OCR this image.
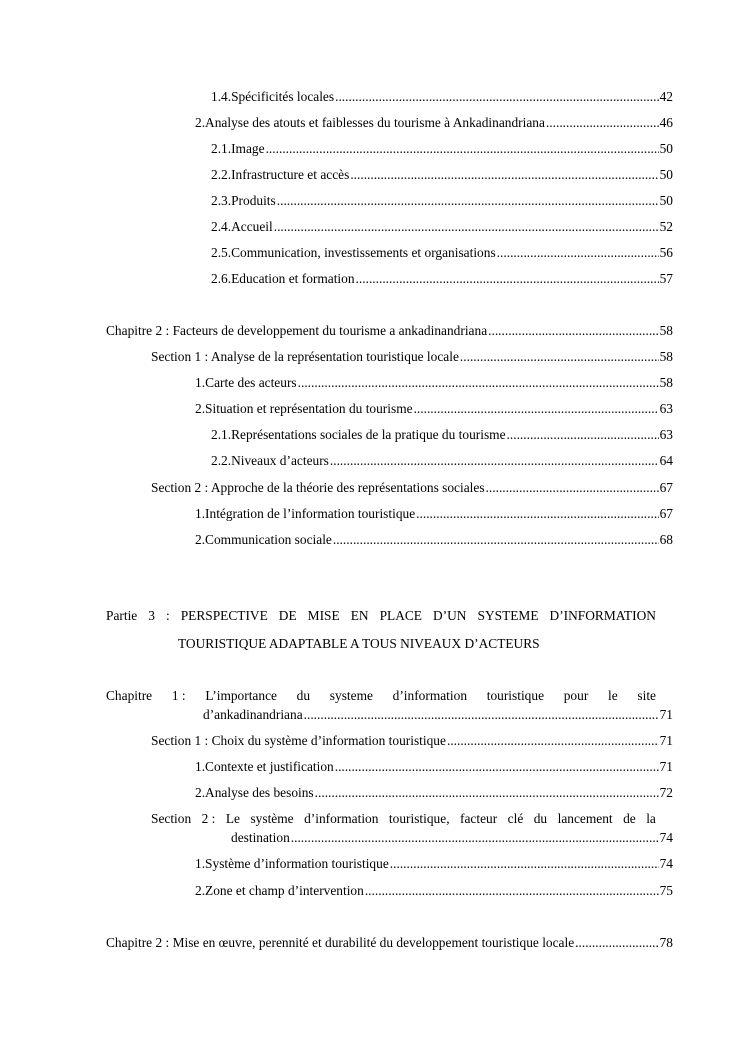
1.4. Spécificités locales .....	42
2. Analyse des atouts et faiblesses du tourisme à Ankadinandriana .....	46
2.1. Image .....	50
2.2. Infrastructure et accès .....	50
2.3. Produits .....	50
2.4. Accueil .....	52
2.5. Communication, investissements et organisations .....	56
2.6. Education et formation .....	57
Chapitre 2 : Facteurs de developpement du tourisme a ankadinandriana .....	58
Section 1 : Analyse de la représentation touristique locale .....	58
1. Carte des acteurs .....	58
2. Situation et représentation du tourisme .....	63
2.1. Représentations sociales de la pratique du tourisme .....	63
2.2. Niveaux d’acteurs .....	64
Section 2 : Approche de la théorie des représentations sociales .....	67
1. Intégration de l’information touristique .....	67
2. Communication sociale .....	68
Partie 3 : PERSPECTIVE DE MISE EN PLACE D’UN SYSTEME D’INFORMATION
TOURISTIQUE ADAPTABLE A TOUS NIVEAUX D’ACTEURS
Chapitre 1 : L’importance du systeme d’information touristique pour le site
d’ankadinandriana .....	71
Section 1 : Choix du système d’information touristique .....	71
1. Contexte et justification .....	71
2. Analyse des besoins .....	72
Section 2 : Le système d’information touristique, facteur clé du lancement de la
destination .....	74
1. Système d’information touristique .....	74
2. Zone et champ d’intervention .....	75
Chapitre 2 : Mise en œuvre, perennité et durabilité du developpement touristique locale .....	78
